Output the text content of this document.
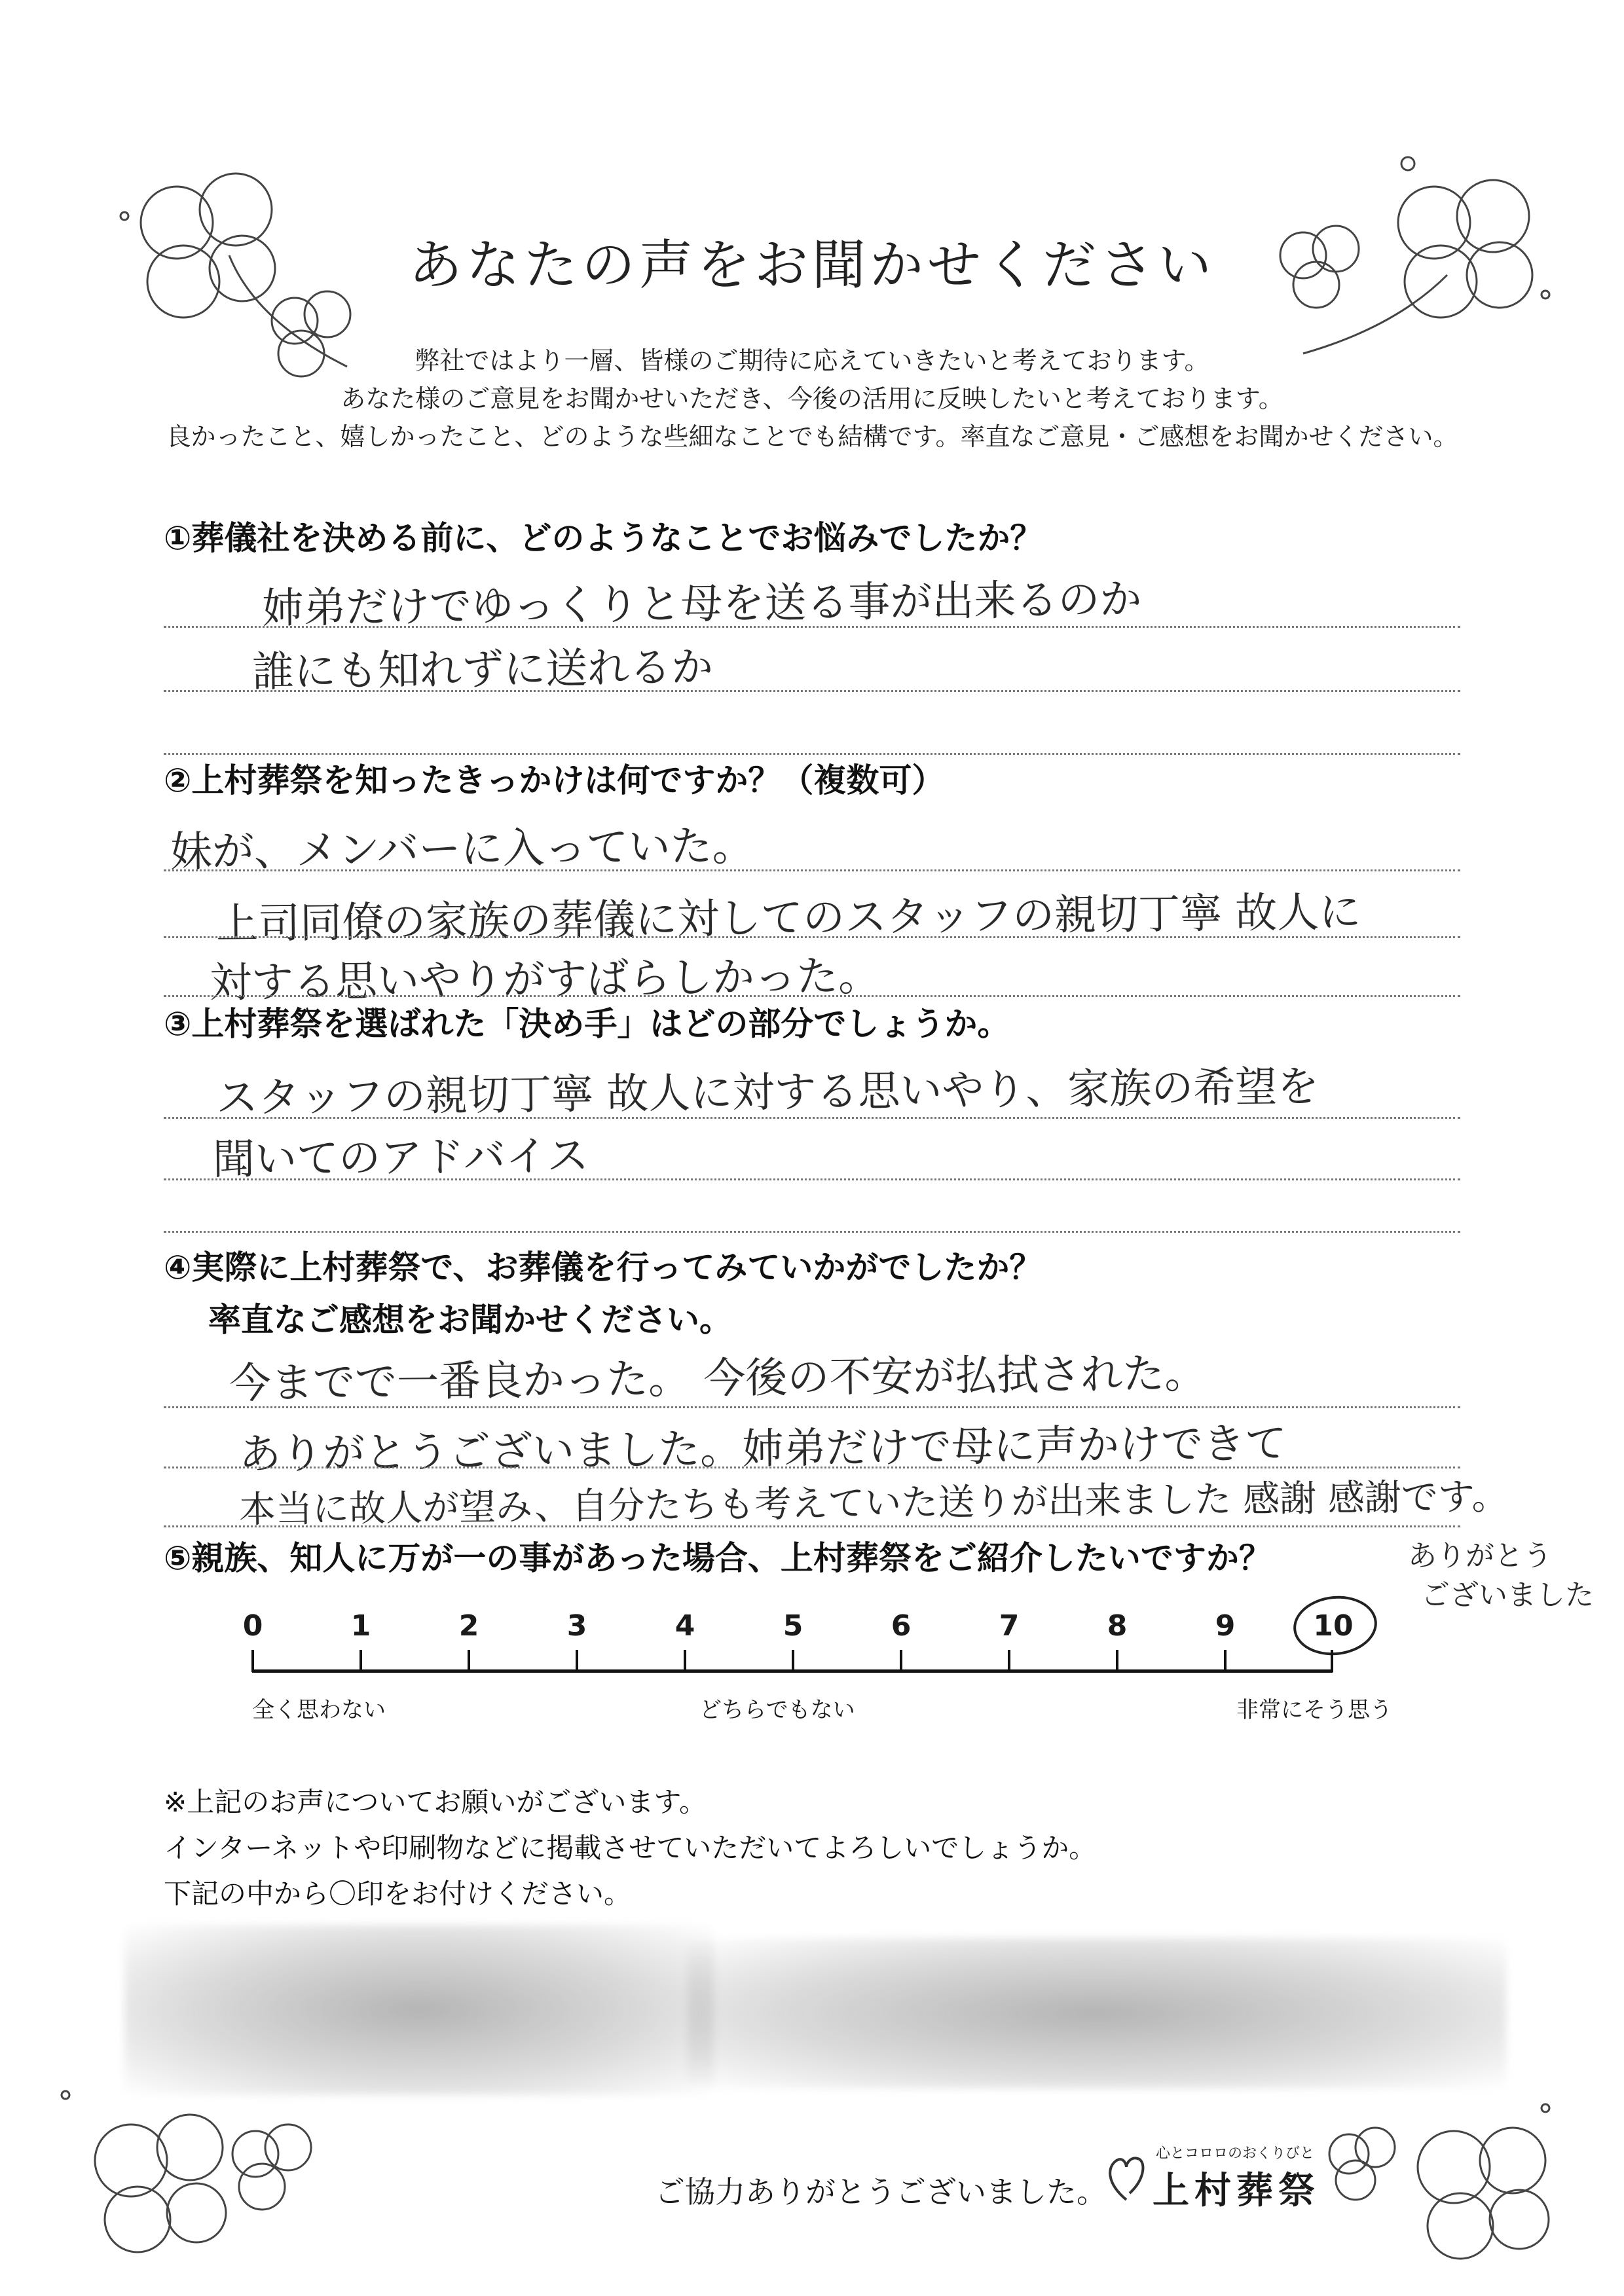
あなたの声をお聞かせください
弊社ではより一層、皆様のご期待に応えていきたいと考えております。
あなた様のご意見をお聞かせいただき、今後の活用に反映したいと考えております。
良かったこと、嬉しかったこと、どのような些細なことでも結構です。率直なご意見・ご感想をお聞かせください。
①葬儀社を決める前に、どのようなことでお悩みでしたか？
姉弟だけでゆっくりと母を送る事が出来るのか
誰にも知れずに送れるか
②上村葬祭を知ったきっかけは何ですか？（複数可）
妹が、メンバーに入っていた。
上司同僚の家族の葬儀に対してのスタッフの親切丁寧 故人に
対する思いやりがすばらしかった。
③上村葬祭を選ばれた「決め手」はどの部分でしょうか。
スタッフの親切丁寧 故人に対する思いやり、家族の希望を
聞いてのアドバイス
④実際に上村葬祭で、お葬儀を行ってみていかがでしたか？
率直なご感想をお聞かせください。
今までで一番良かった。 今後の不安が払拭された。
ありがとうございました。姉弟だけで母に声かけできて
本当に故人が望み、自分たちも考えていた送りが出来ました 感謝 感謝です。
ありがとう
ございました
⑤親族、知人に万が一の事があった場合、上村葬祭をご紹介したいですか？
0	1	2	3	4	5	6	7	8	9	10
全く思わない	どちらでもない	非常にそう思う
※上記のお声についてお願いがございます。
インターネットや印刷物などに掲載させていただいてよろしいでしょうか。
下記の中から〇印をお付けください。
ご協力ありがとうございました。
心とコロロのおくりびと
上村葬祭
